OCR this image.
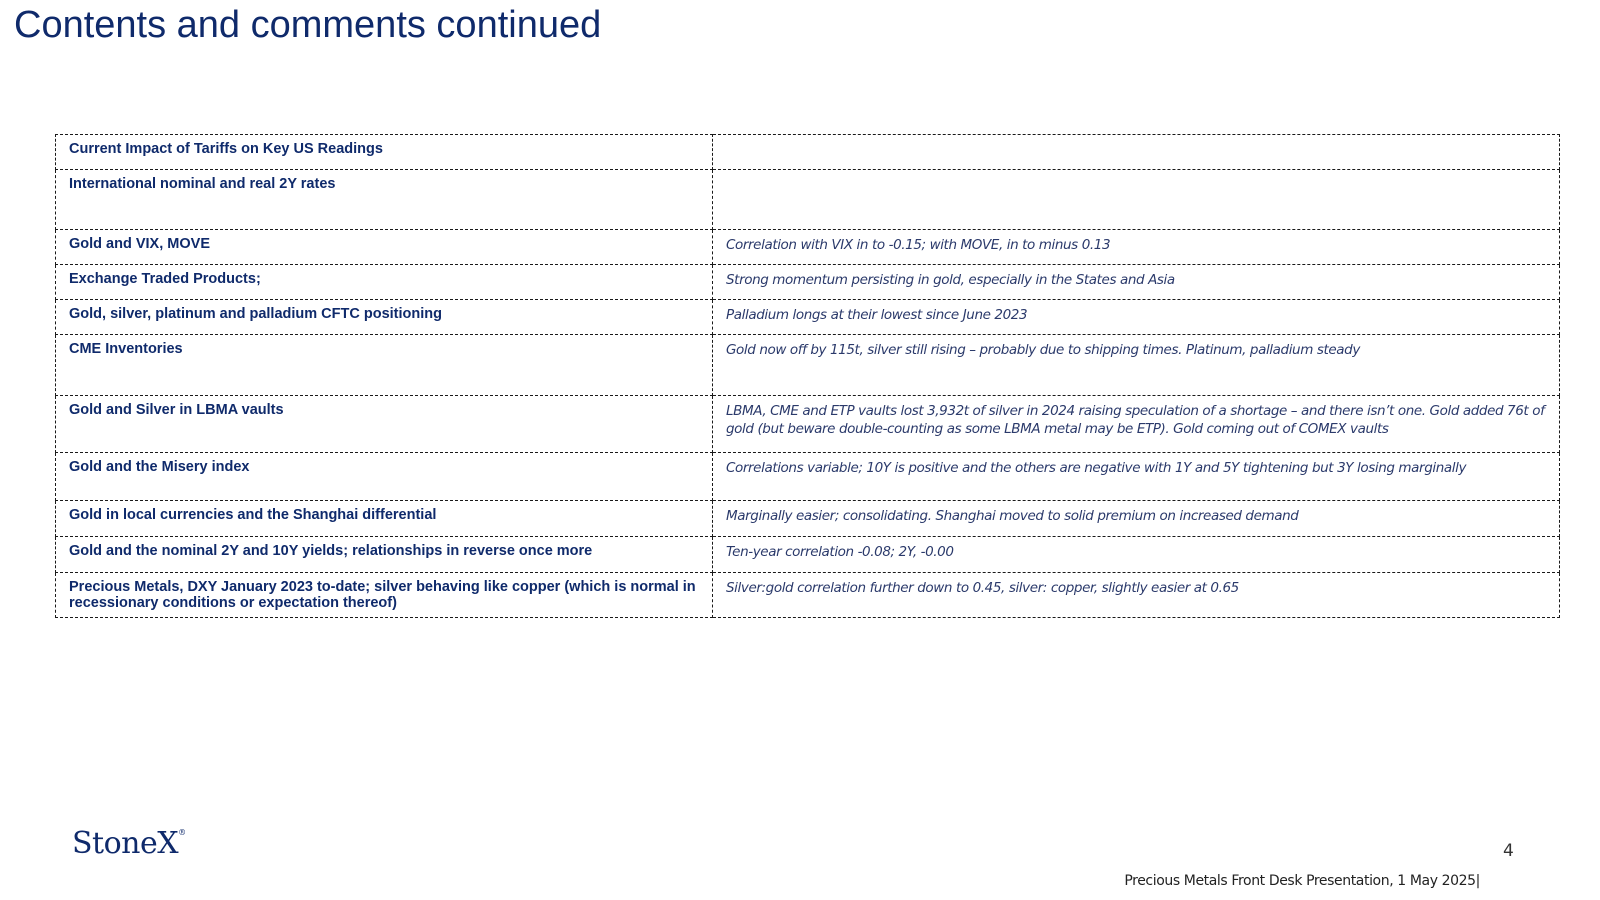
Contents and comments continued
Current Impact of Tariffs on Key US Readings	
International nominal and real 2Y rates	
Gold and VIX, MOVE	Correlation with VIX in to -0.15; with MOVE, in to minus 0.13
Exchange Traded Products;	Strong momentum persisting in gold, especially in the States and Asia
Gold, silver, platinum and palladium CFTC positioning	Palladium longs at their lowest since June 2023
CME Inventories	Gold now off by 115t, silver still rising – probably due to shipping times. Platinum, palladium steady
Gold and Silver in LBMA vaults	LBMA, CME and ETP vaults lost 3,932t of silver in 2024 raising speculation of a shortage – and there isn’t one. Gold added 76t of gold (but beware double-counting as some LBMA metal may be ETP). Gold coming out of COMEX vaults
Gold and the Misery index	Correlations variable; 10Y is positive and the others are negative with 1Y and 5Y tightening but 3Y losing marginally
Gold in local currencies and the Shanghai differential	Marginally easier; consolidating. Shanghai moved to solid premium on increased demand
Gold and the nominal 2Y and 10Y yields; relationships in reverse once more	Ten-year correlation -0.08; 2Y, -0.00
Precious Metals, DXY January 2023 to-date; silver behaving like copper (which is normal in recessionary conditions or expectation thereof)	Silver:gold correlation further down to 0.45, silver: copper, slightly easier at 0.65
StoneX®
4
Precious Metals Front Desk Presentation, 1 May 2025|
